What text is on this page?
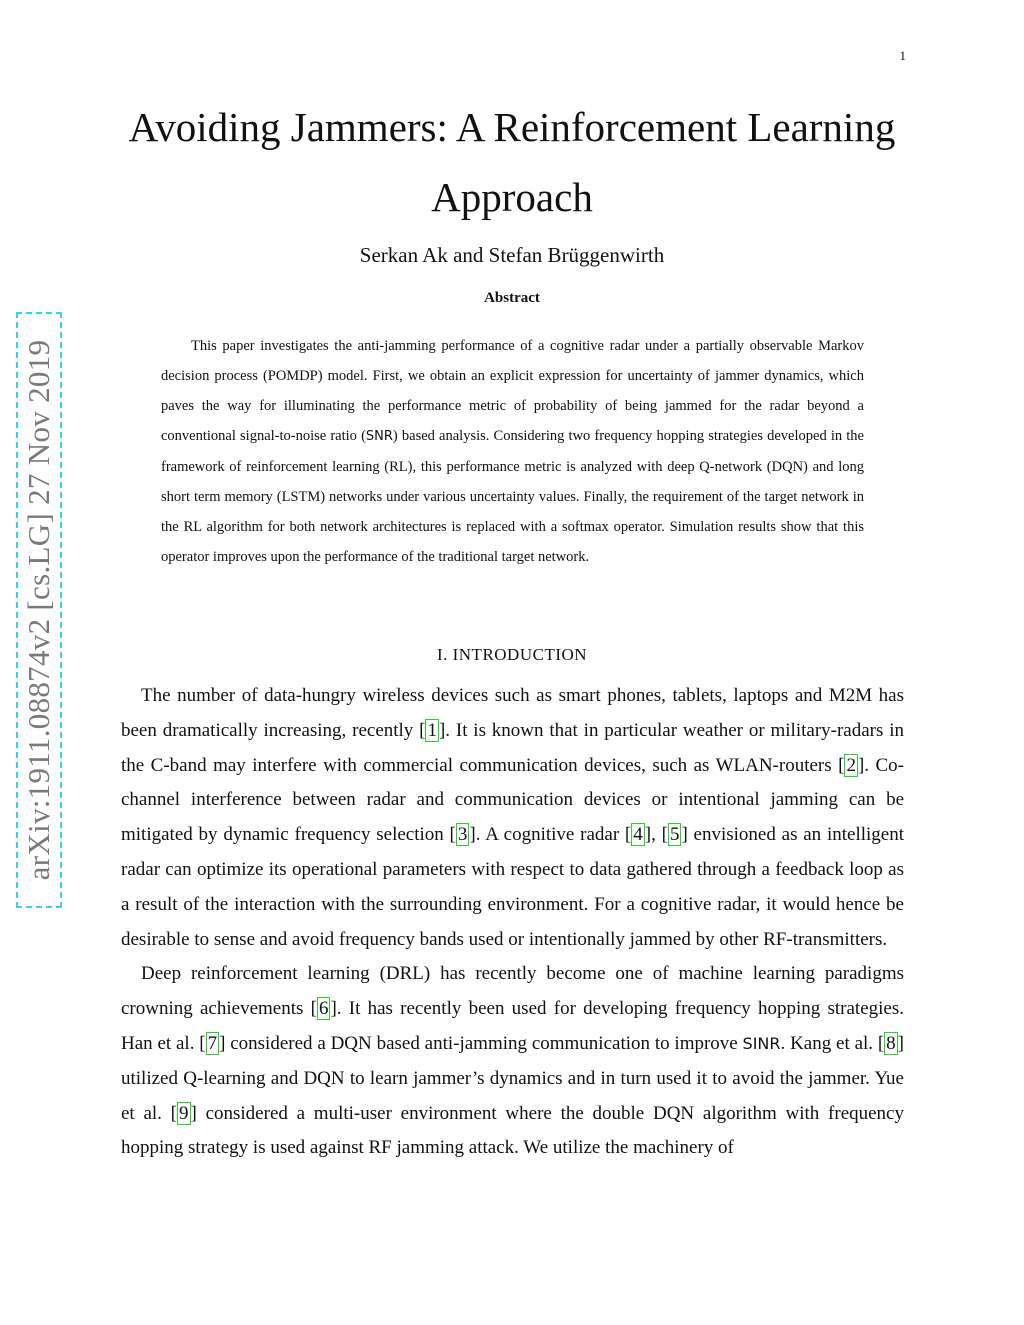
1
arXiv:1911.08874v2 [cs.LG] 27 Nov 2019
Avoiding Jammers: A Reinforcement Learning
Approach
Serkan Ak and Stefan Brüggenwirth
Abstract

This paper investigates the anti-jamming performance of a cognitive radar under a partially observable Markov decision process (POMDP) model. First, we obtain an explicit expression for uncertainty of jammer dynamics, which paves the way for illuminating the performance metric of probability of being jammed for the radar beyond a conventional signal-to-noise ratio (SNR) based analysis. Considering two frequency hopping strategies developed in the framework of reinforcement learning (RL), this performance metric is analyzed with deep Q-network (DQN) and long short term memory (LSTM) networks under various uncertainty values. Finally, the requirement of the target network in the RL algorithm for both network architectures is replaced with a softmax operator. Simulation results show that this operator improves upon the performance of the traditional target network.

I. INTRODUCTION

The number of data-hungry wireless devices such as smart phones, tablets, laptops and M2M has been dramatically increasing, recently [ 1 ]. It is known that in particular weather or military-radars in the C-band may interfere with commercial communication devices, such as WLAN-routers [ 2 ]. Co-channel interference between radar and communication devices or intentional jamming can be mitigated by dynamic frequency selection [ 3 ]. A cognitive radar [ 4 ], [ 5 ] envisioned as an intelligent radar can optimize its operational parameters with respect to data gathered through a feedback loop as a result of the interaction with the surrounding environment. For a cognitive radar, it would hence be desirable to sense and avoid frequency bands used or intentionally jammed by other RF-transmitters.

Deep reinforcement learning (DRL) has recently become one of machine learning paradigms crowning achievements [ 6 ]. It has recently been used for developing frequency hopping strategies. Han et al. [ 7 ] considered a DQN based anti-jamming communication to improve SINR. Kang et al. [ 8 ] utilized Q-learning and DQN to learn jammer’s dynamics and in turn used it to avoid the jammer. Yue et al. [ 9 ] considered a multi-user environment where the double DQN algorithm with frequency hopping strategy is used against RF jamming attack. We utilize the machinery of
